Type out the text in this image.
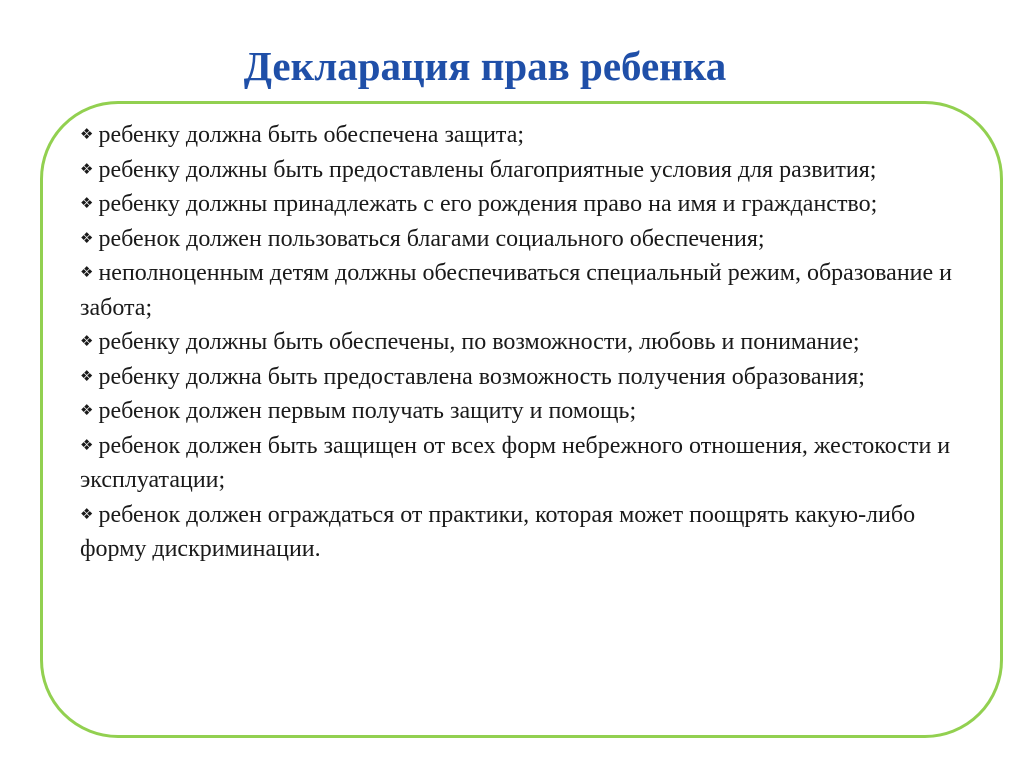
Декларация прав ребенка
❖ ребенку должна быть обеспечена защита;
❖ ребенку должны быть предоставлены благоприятные условия для развития;
❖ ребенку должны принадлежать с его рождения право на имя и гражданство;
❖ ребенок должен пользоваться благами социального обеспечения;
❖ неполноценным детям должны обеспечиваться специальный режим, образование и забота;
❖ ребенку должны быть обеспечены, по возможности, любовь и понимание;
❖ ребенку должна быть предоставлена возможность получения образования;
❖ ребенок должен первым получать защиту и помощь;
❖ ребенок должен быть защищен от всех форм небрежного отношения, жестокости и эксплуатации;
❖ ребенок должен ограждаться от практики, которая может поощрять какую-либо форму дискриминации.
